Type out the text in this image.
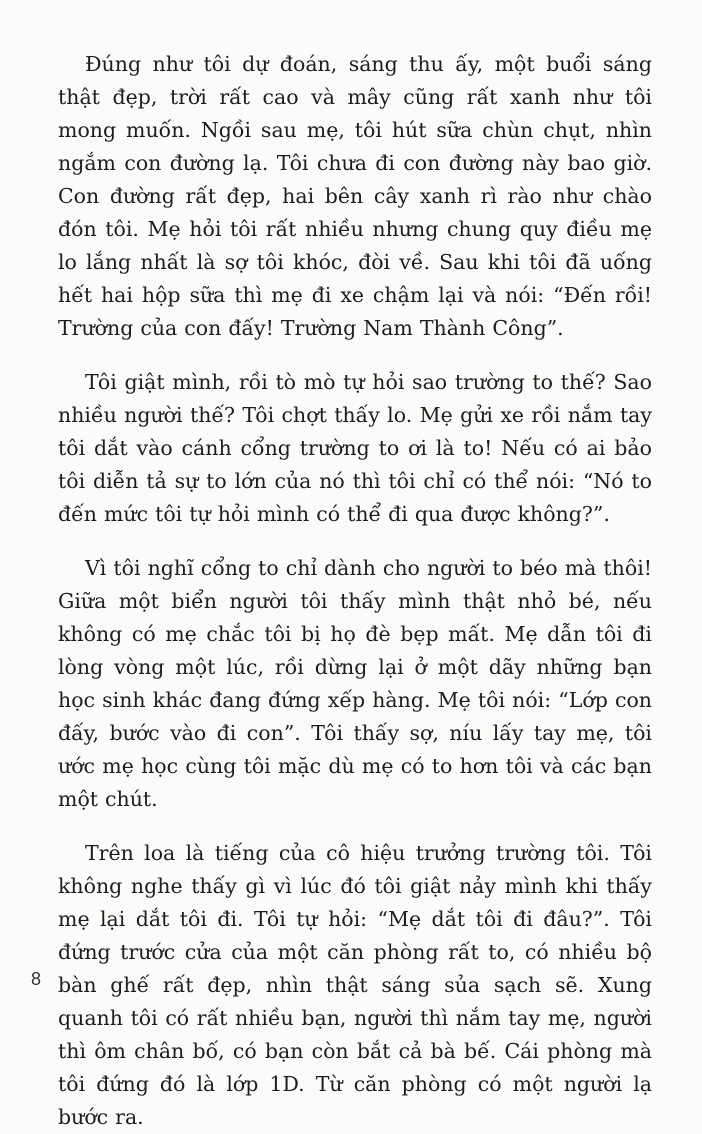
Đúng như tôi dự đoán, sáng thu ấy, một buổi sáng thật đẹp, trời rất cao và mây cũng rất xanh như tôi mong muốn. Ngồi sau mẹ, tôi hút sữa chùn chụt, nhìn ngắm con đường lạ. Tôi chưa đi con đường này bao giờ. Con đường rất đẹp, hai bên cây xanh rì rào như chào đón tôi. Mẹ hỏi tôi rất nhiều nhưng chung quy điều mẹ lo lắng nhất là sợ tôi khóc, đòi về. Sau khi tôi đã uống hết hai hộp sữa thì mẹ đi xe chậm lại và nói: “Đến rồi! Trường của con đấy! Trường Nam Thành Công”.

Tôi giật mình, rồi tò mò tự hỏi sao trường to thế? Sao nhiều người thế? Tôi chợt thấy lo. Mẹ gửi xe rồi nắm tay tôi dắt vào cánh cổng trường to ơi là to! Nếu có ai bảo tôi diễn tả sự to lớn của nó thì tôi chỉ có thể nói: “Nó to đến mức tôi tự hỏi mình có thể đi qua được không?”.

Vì tôi nghĩ cổng to chỉ dành cho người to béo mà thôi! Giữa một biển người tôi thấy mình thật nhỏ bé, nếu không có mẹ chắc tôi bị họ đè bẹp mất. Mẹ dẫn tôi đi lòng vòng một lúc, rồi dừng lại ở một dãy những bạn học sinh khác đang đứng xếp hàng. Mẹ tôi nói: “Lớp con đấy, bước vào đi con”. Tôi thấy sợ, níu lấy tay mẹ, tôi ước mẹ học cùng tôi mặc dù mẹ có to hơn tôi và các bạn một chút.

Trên loa là tiếng của cô hiệu trưởng trường tôi. Tôi không nghe thấy gì vì lúc đó tôi giật nảy mình khi thấy mẹ lại dắt tôi đi. Tôi tự hỏi: “Mẹ dắt tôi đi đâu?”. Tôi đứng trước cửa của một căn phòng rất to, có nhiều bộ bàn ghế rất đẹp, nhìn thật sáng sủa sạch sẽ. Xung quanh tôi có rất nhiều bạn, người thì nắm tay mẹ, người thì ôm chân bố, có bạn còn bắt cả bà bế. Cái phòng mà tôi đứng đó là lớp 1D. Từ căn phòng có một người lạ bước ra.

8
